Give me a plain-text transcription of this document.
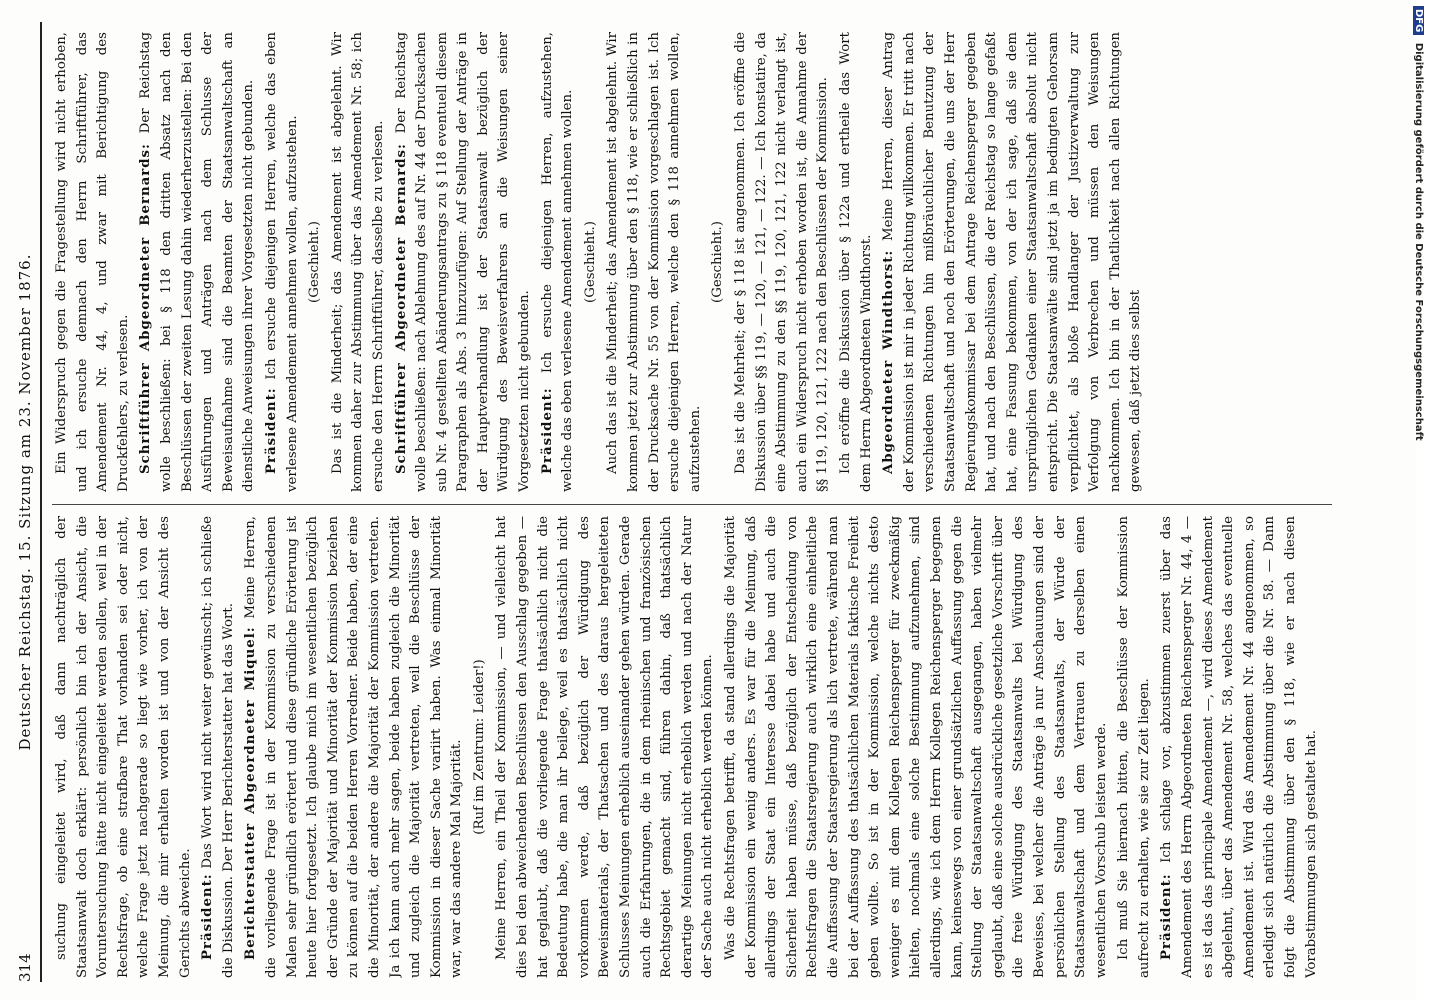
314
Deutscher Reichstag. 15. Sitzung am 23. November 1876. suchung eingeleitet wird, daß dann nachträglich der Staatsanwalt doch erklärt: persönlich bin ich der Ansicht, die Voruntersuchung hätte nicht eingeleitet werden sollen, weil in der Rechtsfrage, ob eine strafbare That vorhanden sei oder nicht, welche Frage jetzt nachgerade so liegt wie vorher, ich von der Meinung, die mir erhalten worden ist und von der Ansicht des Gerichts abweiche. Präsident: Das Wort wird nicht weiter gewünscht; ich schließe die Diskussion. Der Herr Berichterstatter hat das Wort. Berichterstatter Abgeordneter Miquel: Meine Herren, die vorliegende Frage ist in der Kommission zu verschiedenen Malen sehr gründlich erörtert und diese gründliche Erörterung ist heute hier fortgesetzt. Ich glaube mich im wesentlichen bezüglich der Gründe der Majorität und Minorität der Kommission beziehen zu können auf die beiden Herren Vorredner. Beide haben, der eine die Minorität, der andere die Majorität der Kommission vertreten. Ja ich kann auch mehr sagen, beide haben zugleich die Minorität und zugleich die Majorität vertreten, weil die Beschlüsse der Kommission in dieser Sache variirt haben. Was einmal Minorität war, war das andere Mal Majorität. (Ruf im Zentrum: Leider!) Meine Herren, ein Theil der Kommission, — und vielleicht hat dies bei den abweichenden Beschlüssen den Ausschlag gegeben — hat geglaubt, daß die vorliegende Frage thatsächlich nicht die Bedeutung habe, die man ihr beilege, weil es thatsächlich nicht vorkommen werde, daß bezüglich der Würdigung des Beweismaterials, der Thatsachen und des daraus hergeleiteten Schlusses Meinungen erheblich auseinander gehen würden. Gerade auch die Erfahrungen, die in dem rheinischen und französischen Rechtsgebiet gemacht sind, führen dahin, daß thatsächlich derartige Meinungen nicht erheblich werden und nach der Natur der Sache auch nicht erheblich werden können. Was die Rechtsfragen betrifft, da stand allerdings die Majorität der Kommission ein wenig anders. Es war für die Meinung, daß allerdings der Staat ein Interesse dabei habe und auch die Sicherheit haben müsse, daß bezüglich der Entscheidung von Rechtsfragen die Staatsregierung auch wirklich eine einheitliche die Auffassung der Staatsregierung als lich vertrete, während man bei der Auffassung des thatsächlichen Materials faktische Freiheit geben wollte. So ist in der Kommission, welche nichts desto weniger es mit dem Kollegen Reichensperger für zweckmäßig hielten, nochmals eine solche Bestimmung aufzunehmen, sind allerdings, wie ich dem Herrn Kollegen Reichensperger begegnen kann, keineswegs von einer grundsätzlichen Auffassung gegen die Stellung der Staatsanwaltschaft ausgegangen, haben vielmehr geglaubt, daß eine solche ausdrückliche gesetzliche Vorschrift über die freie Würdigung des Staatsanwalts bei Würdigung des Beweises, bei welcher die Anträge ja nur Anschauungen sind der persönlichen Stellung des Staatsanwalts, der Würde der Staatsanwaltschaft und dem Vertrauen zu derselben einen wesentlichen Vorschub leisten werde. Ich muß Sie hiernach bitten, die Beschlüsse der Kommission aufrecht zu erhalten, wie sie zur Zeit liegen. Präsident: Ich schlage vor, abzustimmen zuerst über das Amendement des Herrn Abgeordneten Reichensperger Nr. 44, 4 — es ist das das principale Amendement —, wird dieses Amendement abgelehnt, über das Amendement Nr. 58, welches das eventuelle Amendement ist. Wird das Amendement Nr. 44 angenommen, so erledigt sich natürlich die Abstimmung über die Nr. 58. — Dann folgt die Abstimmung über den § 118, wie er nach diesen Vorabstimmungen sich gestaltet hat.

Ein Widerspruch gegen die Fragestellung wird nicht erhoben, und ich ersuche demnach den Herrn Schriftführer, das Amendement Nr. 44, 4, und zwar mit Berichtigung des Druckfehlers, zu verlesen. Schriftführer Abgeordneter Bernards: Der Reichstag wolle beschließen: bei § 118 den dritten Absatz nach den Beschlüssen der zweiten Lesung dahin wiederherzustellen: Bei den Ausführungen und Anträgen nach dem Schlusse der Beweisaufnahme sind die Beamten der Staatsanwaltschaft an dienstliche Anweisungen ihrer Vorgesetzten nicht gebunden. Präsident: Ich ersuche diejenigen Herren, welche das eben verlesene Amendement annehmen wollen, aufzustehen. (Geschieht.) Das ist die Minderheit; das Amendement ist abgelehnt. Wir kommen daher zur Abstimmung über das Amendement Nr. 58; ich ersuche den Herrn Schriftführer, dasselbe zu verlesen. Schriftführer Abgeordneter Bernards: Der Reichstag wolle beschließen: nach Ablehnung des auf Nr. 44 der Drucksachen sub Nr. 4 gestellten Abänderungsantrags zu § 118 eventuell diesem Paragraphen als Abs. 3 hinzuzufügen: Auf Stellung der Anträge in der Hauptverhandlung ist der Staatsanwalt bezüglich der Würdigung des Beweisverfahrens an die Weisungen seiner Vorgesetzten nicht gebunden. Präsident: Ich ersuche diejenigen Herren, aufzustehen, welche das eben verlesene Amendement annehmen wollen. (Geschieht.) Auch das ist die Minderheit; das Amendement ist abgelehnt. Wir kommen jetzt zur Abstimmung über den § 118, wie er schließlich in der Drucksache Nr. 55 von der Kommission vorgeschlagen ist. Ich ersuche diejenigen Herren, welche den § 118 annehmen wollen, aufzustehen.

(Geschieht.) Das ist die Mehrheit; der § 118 ist angenommen. Ich eröffne die Diskussion über §§ 119, — 120, — 121, — 122. — Ich konstatire, da eine Abstimmung zu den §§ 119, 120, 121, 122 nicht verlangt ist, auch ein Widerspruch nicht erhoben worden ist, die Annahme der §§ 119, 120, 121, 122 nach den Beschlüssen der Kommission. Ich eröffne die Diskussion über § 122a und ertheile das Wort dem Herrn Abgeordneten Windthorst. Abgeordneter Windthorst: Meine Herren, dieser Antrag der Kommission ist mir in jeder Richtung willkommen. Er tritt nach verschiedenen Richtungen hin mißbräuchlicher Benutzung der Staatsanwaltschaft und noch den Erörterungen, die uns der Herr Regierungskommissar bei dem Antrage Reichensperger gegeben hat, und nach den Beschlüssen, die der Reichstag so lange gefaßt hat, eine Fassung bekommen, von der ich sage, daß sie dem ursprünglichen Gedanken einer Staatsanwaltschaft absolut nicht entspricht. Die Staatsanwälte sind jetzt ja im bedingten Gehorsam verpflichtet, als bloße Handlanger der Justizverwaltung zur Verfolgung von Verbrechen und müssen den Weisungen nachkommen. Ich bin in der Thatlichkeit nach allen Richtungen gewesen, daß jetzt dies selbst

DFG Digitalisierung gefördert durch die Deutsche Forschungsgemeinschaft
